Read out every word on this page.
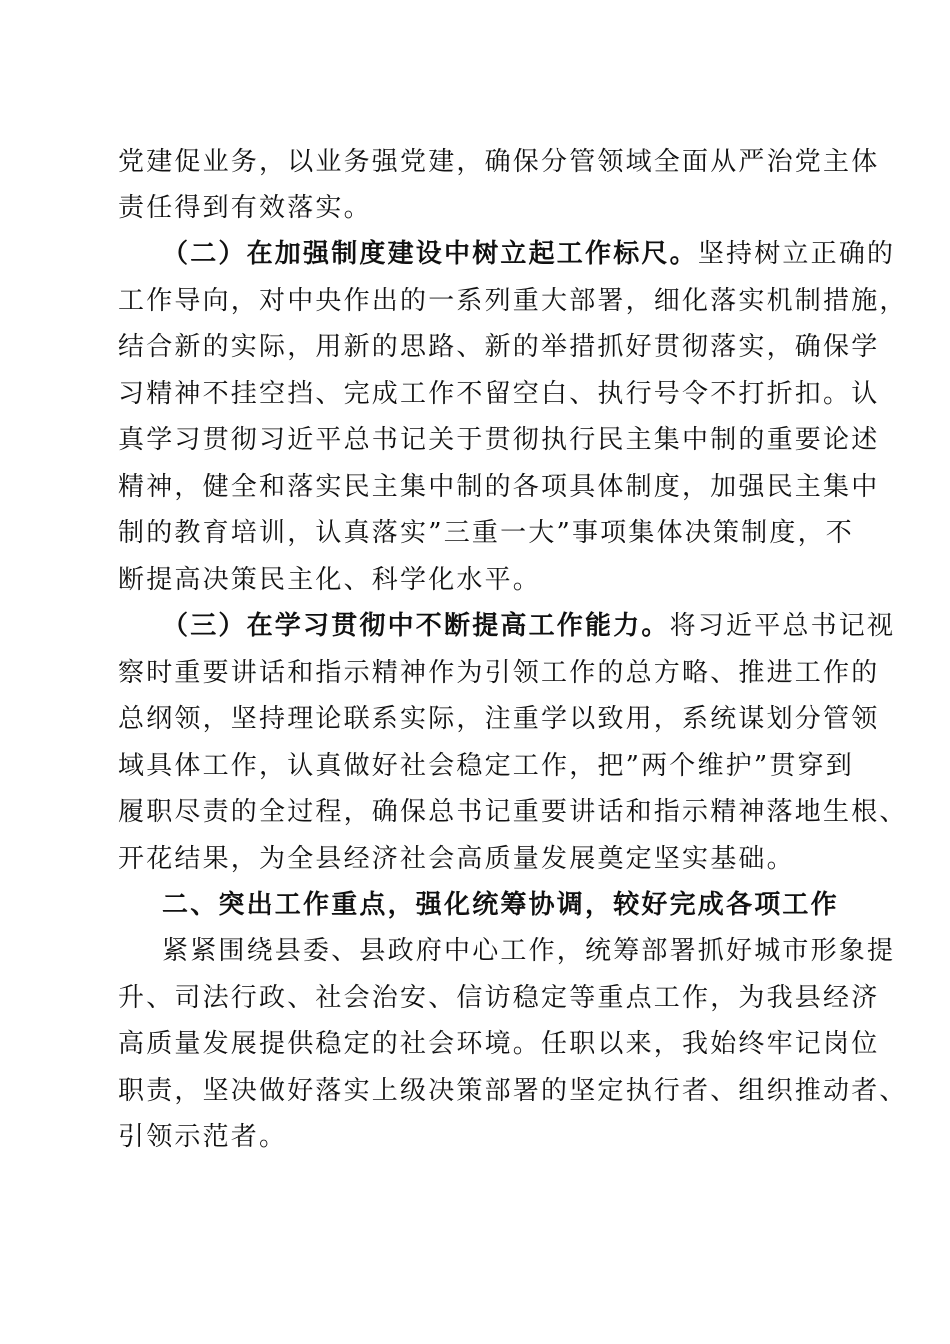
党建促业务，以业务强党建，确保分管领域全面从严治党主体
责任得到有效落实。
（二）在加强制度建设中树立起工作标尺。坚持树立正确的
工作导向，对中央作出的一系列重大部署，细化落实机制措施，
结合新的实际，用新的思路、新的举措抓好贯彻落实，确保学
习精神不挂空挡、完成工作不留空白、执行号令不打折扣。认
真学习贯彻习近平总书记关于贯彻执行民主集中制的重要论述
精神，健全和落实民主集中制的各项具体制度，加强民主集中
制的教育培训，认真落实”三重一大”事项集体决策制度，不
断提高决策民主化、科学化水平。
（三）在学习贯彻中不断提高工作能力。将习近平总书记视
察时重要讲话和指示精神作为引领工作的总方略、推进工作的
总纲领，坚持理论联系实际，注重学以致用，系统谋划分管领
域具体工作，认真做好社会稳定工作，把”两个维护”贯穿到
履职尽责的全过程，确保总书记重要讲话和指示精神落地生根、
开花结果，为全县经济社会高质量发展奠定坚实基础。
二、突出工作重点，强化统筹协调，较好完成各项工作
紧紧围绕县委、县政府中心工作，统筹部署抓好城市形象提
升、司法行政、社会治安、信访稳定等重点工作，为我县经济
高质量发展提供稳定的社会环境。任职以来，我始终牢记岗位
职责，坚决做好落实上级决策部署的坚定执行者、组织推动者、
引领示范者。
